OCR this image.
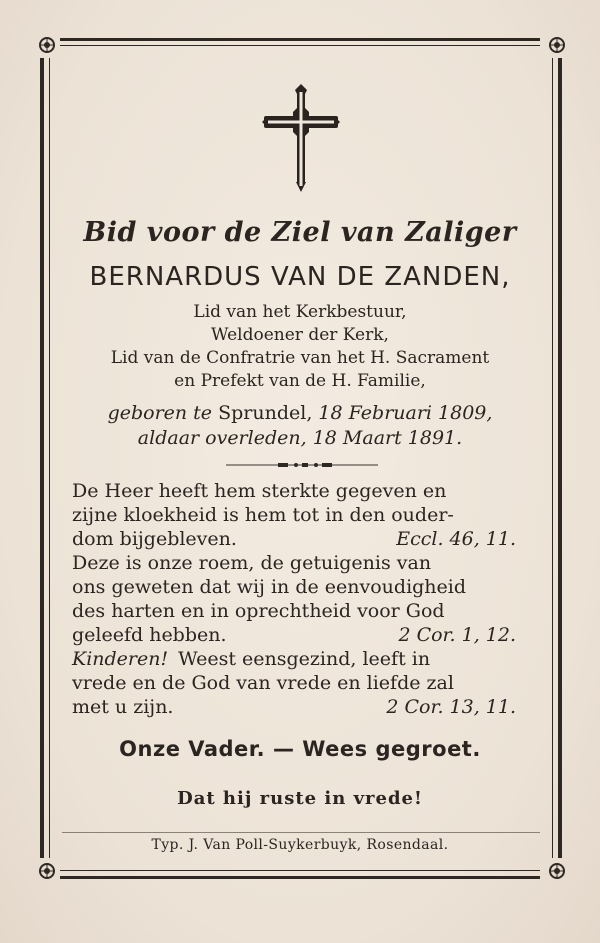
Bid voor de Ziel van Zaliger
BERNARDUS VAN DE ZANDEN,
Lid van het Kerkbestuur,
Weldoener der Kerk,
Lid van de Confratrie van het H. Sacrament
en Prefekt van de H. Familie,
geboren te Sprundel, 18 Februari 1809,
aldaar overleden, 18 Maart 1891.
De Heer heeft hem sterkte gegeven en
zijne kloekheid is hem tot in den ouder-
dom bijgebleven.	Eccl. 46, 11.
Deze is onze roem, de getuigenis van
ons geweten dat wij in de eenvoudigheid
des harten en in oprechtheid voor God
geleefd hebben.	2 Cor. 1, 12.
Kinderen! Weest eensgezind, leeft in
vrede en de God van vrede en liefde zal
met u zijn.	2 Cor. 13, 11.
Onze Vader. — Wees gegroet.
Dat hij ruste in vrede!
Typ. J. Van Poll-Suykerbuyk, Rosendaal.
